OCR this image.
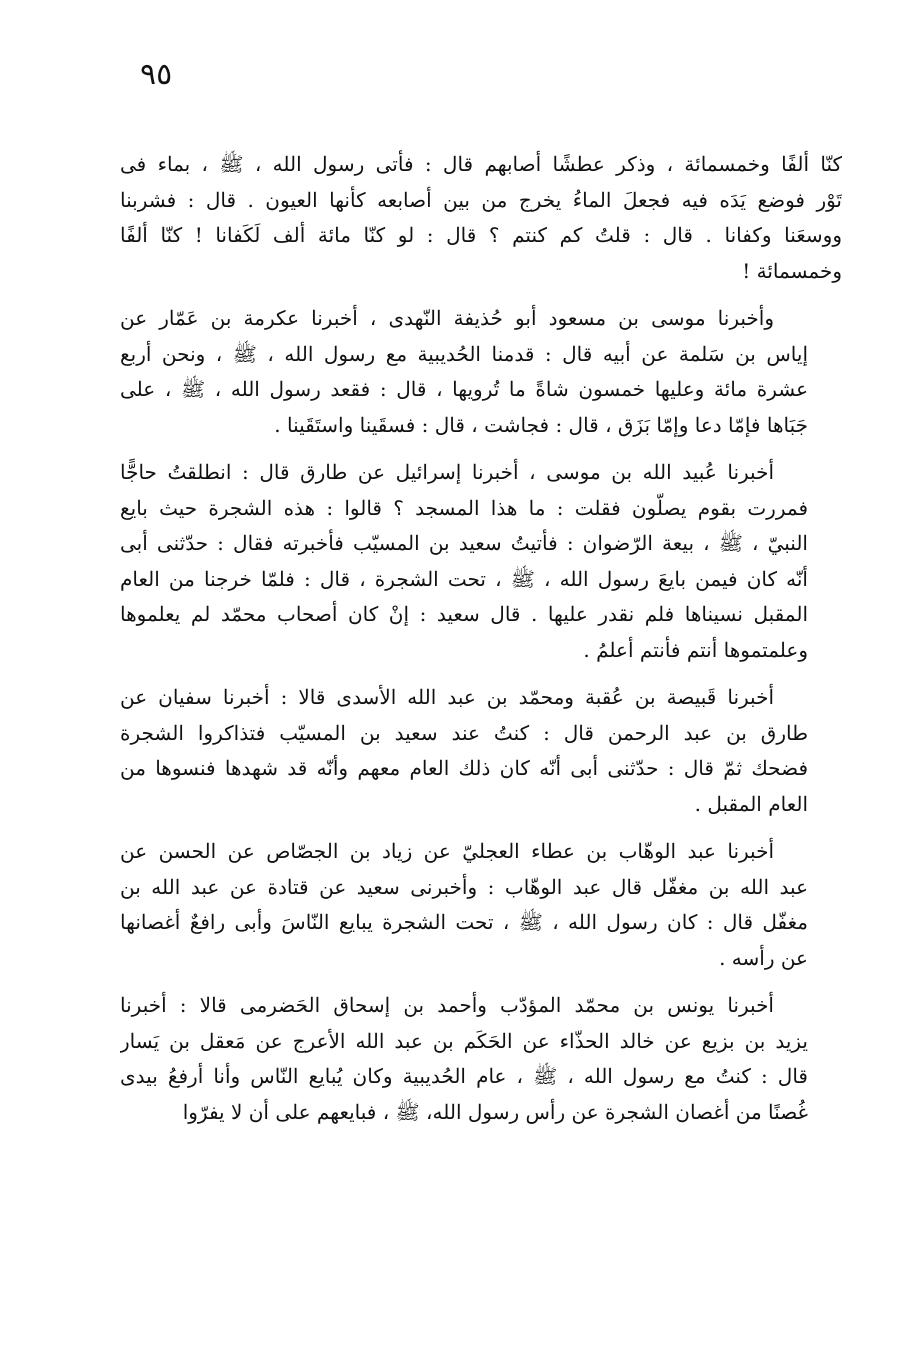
٩٥
كنّا ألفًا وخمسمائة ، وذكر عطشًا أصابهم قال : فأتى رسول الله ، ﷺ ، بماء فى
تَوْر فوضع يَدَه فيه فجعلَ الماءُ يخرج من بين أصابعه كأنها العيون . قال : فشربنا
ووسعَنا وكفانا . قال : قلتُ كم كنتم ؟ قال : لو كنّا مائة ألف لَكَفانا ! كنّا ألفًا
وخمسمائة !
وأخبرنا موسى بن مسعود أبو حُذيفة النّهدى ، أخبرنا عكرمة بن عَمّار عن
إياس بن سَلمة عن أبيه قال : قدمنا الحُديبية مع رسول الله ، ﷺ ، ونحن أربع
عشرة مائة وعليها خمسون شاةً ما تُرويها ، قال : فقعد رسول الله ، ﷺ ، على
جَبَاها فإمّا دعا وإمّا بَزَق ، قال : فجاشت ، قال : فسقَينا واستَقَينا .
أخبرنا عُبيد الله بن موسى ، أخبرنا إسرائيل عن طارق قال : انطلقتُ حاجًّا
فمررت بقوم يصلّون فقلت : ما هذا المسجد ؟ قالوا : هذه الشجرة حيث بايع
النبيّ ، ﷺ ، بيعة الرّضوان : فأتيتُ سعيد بن المسيّب فأخبرته فقال : حدّثنى أبى
أنّه كان فيمن بايعَ رسول الله ، ﷺ ، تحت الشجرة ، قال : فلمّا خرجنا من العام
المقبل نسيناها فلم نقدر عليها . قال سعيد : إنْ كان أصحاب محمّد لم يعلموها
وعلمتموها أنتم فأنتم أعلمُ .
أخبرنا قَبيصة بن عُقبة ومحمّد بن عبد الله الأسدى قالا : أخبرنا سفيان عن
طارق بن عبد الرحمن قال : كنتُ عند سعيد بن المسيّب فتذاكروا الشجرة
فضحك ثمّ قال : حدّثنى أبى أنّه كان ذلك العام معهم وأنّه قد شهدها فنسوها من
العام المقبل .
أخبرنا عبد الوهّاب بن عطاء العجليّ عن زياد بن الجصّاص عن الحسن عن
عبد الله بن مغفّل قال عبد الوهّاب : وأخبرنى سعيد عن قتادة عن عبد الله بن
مغفّل قال : كان رسول الله ، ﷺ ، تحت الشجرة يبايع النّاسَ وأبى رافعٌ أغصانها
عن رأسه .
أخبرنا يونس بن محمّد المؤدّب وأحمد بن إسحاق الحَضرمى قالا : أخبرنا
يزيد بن بزيع عن خالد الحذّاء عن الحَكَم بن عبد الله الأعرج عن مَعقل بن يَسار
قال : كنتُ مع رسول الله ، ﷺ ، عام الحُديبية وكان يُبايع النّاس وأنا أرفعُ بيدى
غُصنًا من أغصان الشجرة عن رأس رسول الله، ﷺ ، فبايعهم على أن لا يفرّوا
